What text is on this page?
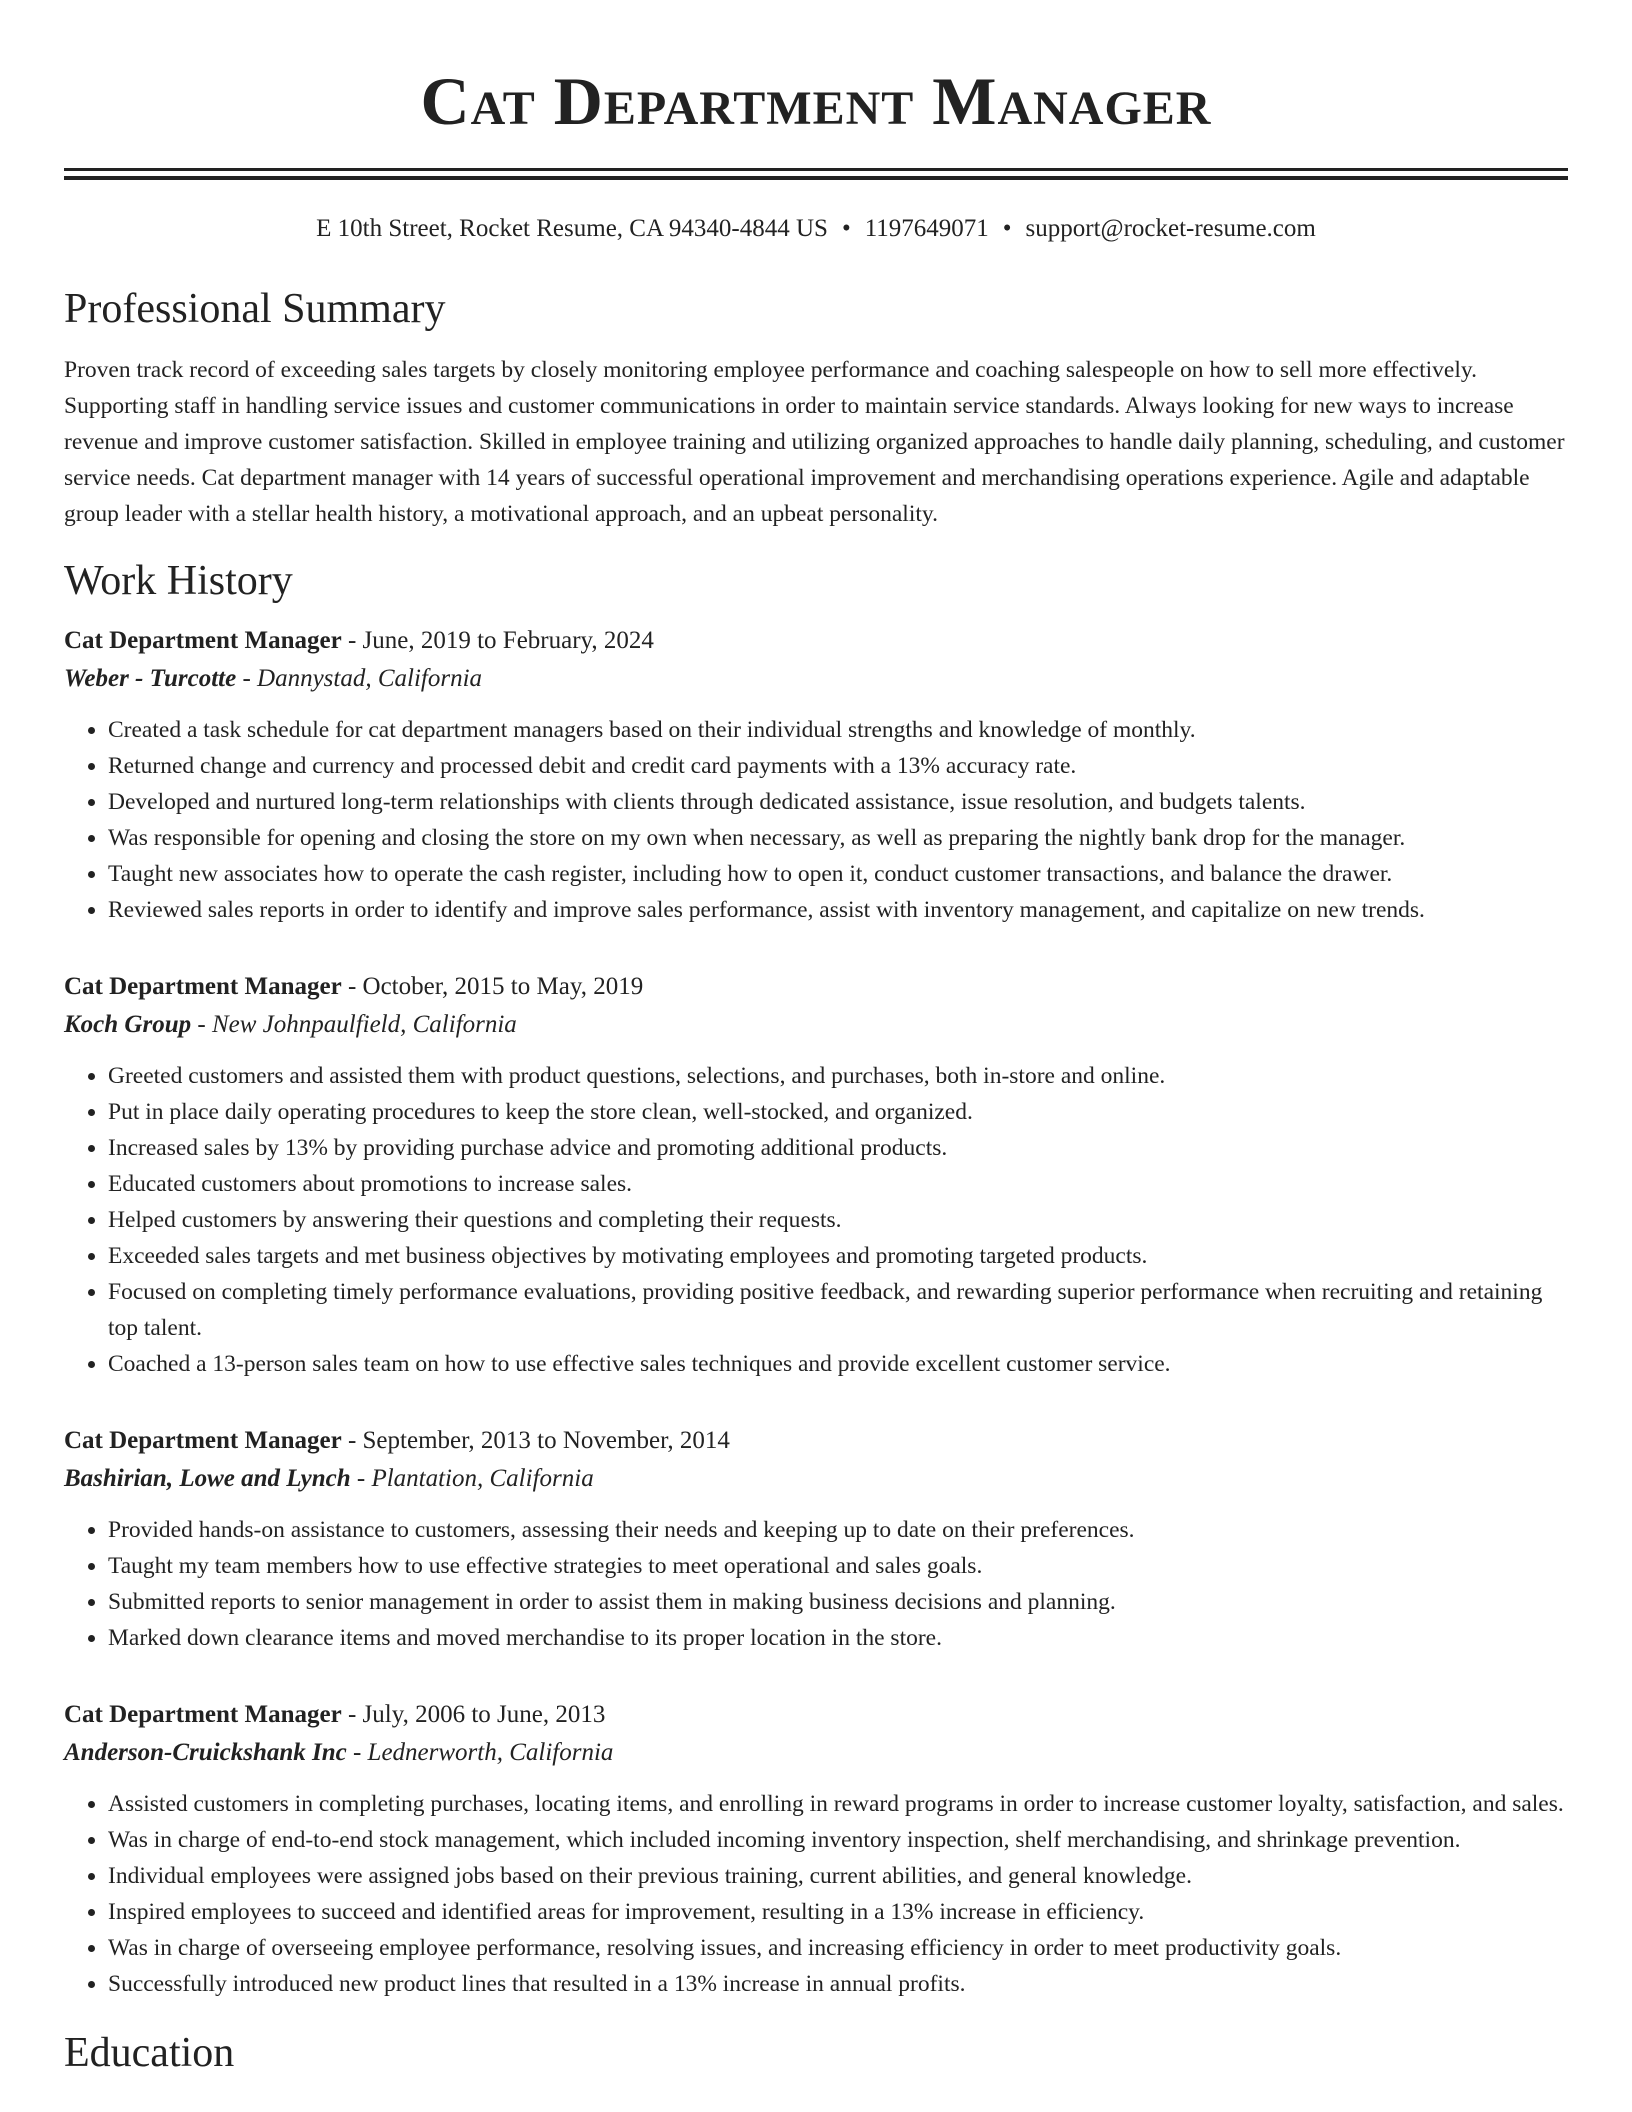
Cat Department Manager
E 10th Street, Rocket Resume, CA 94340-4844 US • 1197649071 • support@rocket-resume.com
Professional Summary

Proven track record of exceeding sales targets by closely monitoring employee performance and coaching salespeople on how to sell more effectively. Supporting staff in handling service issues and customer communications in order to maintain service standards. Always looking for new ways to increase revenue and improve customer satisfaction. Skilled in employee training and utilizing organized approaches to handle daily planning, scheduling, and customer service needs. Cat department manager with 14 years of successful operational improvement and merchandising operations experience. Agile and adaptable group leader with a stellar health history, a motivational approach, and an upbeat personality.

Work History
Cat Department Manager - June, 2019 to February, 2024
Weber - Turcotte - Dannystad, California
• Created a task schedule for cat department managers based on their individual strengths and knowledge of monthly.
• Returned change and currency and processed debit and credit card payments with a 13% accuracy rate.
• Developed and nurtured long-term relationships with clients through dedicated assistance, issue resolution, and budgets talents.
• Was responsible for opening and closing the store on my own when necessary, as well as preparing the nightly bank drop for the manager.
• Taught new associates how to operate the cash register, including how to open it, conduct customer transactions, and balance the drawer.
• Reviewed sales reports in order to identify and improve sales performance, assist with inventory management, and capitalize on new trends.
Cat Department Manager - October, 2015 to May, 2019
Koch Group - New Johnpaulfield, California
• Greeted customers and assisted them with product questions, selections, and purchases, both in-store and online.
• Put in place daily operating procedures to keep the store clean, well-stocked, and organized.
• Increased sales by 13% by providing purchase advice and promoting additional products.
• Educated customers about promotions to increase sales.
• Helped customers by answering their questions and completing their requests.
• Exceeded sales targets and met business objectives by motivating employees and promoting targeted products.
• Focused on completing timely performance evaluations, providing positive feedback, and rewarding superior performance when recruiting and retaining top talent.
• Coached a 13-person sales team on how to use effective sales techniques and provide excellent customer service.
Cat Department Manager - September, 2013 to November, 2014
Bashirian, Lowe and Lynch - Plantation, California
• Provided hands-on assistance to customers, assessing their needs and keeping up to date on their preferences.
• Taught my team members how to use effective strategies to meet operational and sales goals.
• Submitted reports to senior management in order to assist them in making business decisions and planning.
• Marked down clearance items and moved merchandise to its proper location in the store.
Cat Department Manager - July, 2006 to June, 2013
Anderson-Cruickshank Inc - Lednerworth, California
• Assisted customers in completing purchases, locating items, and enrolling in reward programs in order to increase customer loyalty, satisfaction, and sales.
• Was in charge of end-to-end stock management, which included incoming inventory inspection, shelf merchandising, and shrinkage prevention.
• Individual employees were assigned jobs based on their previous training, current abilities, and general knowledge.
• Inspired employees to succeed and identified areas for improvement, resulting in a 13% increase in efficiency.
• Was in charge of overseeing employee performance, resolving issues, and increasing efficiency in order to meet productivity goals.
• Successfully introduced new product lines that resulted in a 13% increase in annual profits.
Education
